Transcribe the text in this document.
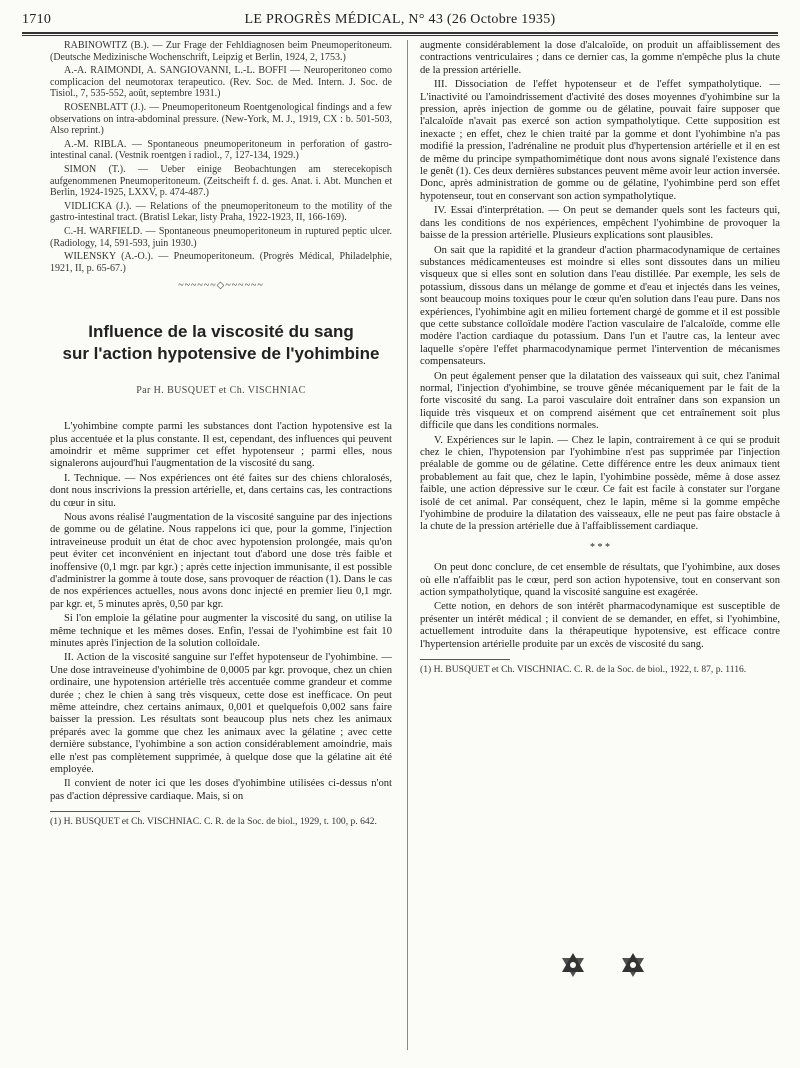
1710	LE PROGRÈS MÉDICAL, N° 43 (26 Octobre 1935)

RABINOWITZ (B.). — Zur Frage der Fehldiagnosen beim Pneumoperitoneum. (Deutsche Medizinische Wochenschrift, Leipzig et Berlin, 1924, 2, 1753.)

A.-A. RAIMONDI, A. SANGIOVANNI, L.-L. BOFFI — Neuroperitoneo como complicacion del neumotorax terapeutico. (Rev. Soc. de Med. Intern. J. Soc. de Tisiol., 7, 535-552, août, septembre 1931.)

ROSENBLATT (J.). — Pneumoperitoneum Roentgenological findings and a few observations on intra-abdominal pressure. (New-York, M. J., 1919, CX : b. 501-503, Also reprint.)

A.-M. RIBLA. — Spontaneous pneumoperitoneum in perforation of gastro-intestinal canal. (Vestnik roentgen i radiol., 7, 127-134, 1929.)

SIMON (T.). — Ueber einige Beobachtungen am sterecekopisch aufgenommenen Pneumoperitoneum. (Zeitscheift f. d. ges. Anat. i. Abt. Munchen et Berlin, 1924-1925, LXXV, p. 474-487.)

VIDLICKA (J.). — Relations of the pneumoperitoneum to the motility of the gastro-intestinal tract. (Bratisl Lekar, listy Praha, 1922-1923, II, 166-169).

C.-H. WARFIELD. — Spontaneous pneumoperitoneum in ruptured peptic ulcer. (Radiology, 14, 591-593, juin 1930.)

WILENSKY (A.-O.). — Pneumoperitoneum. (Progrès Médical, Philadelphie, 1921, II, p. 65-67.)

~~~~~~◇~~~~~~
Influence de la viscosité du sang
sur l'action hypotensive de l'yohimbine
Par H. BUSQUET et Ch. VISCHNIAC

L'yohimbine compte parmi les substances dont l'action hypotensive est la plus accentuée et la plus constante. Il est, cependant, des influences qui peuvent amoindrir et même supprimer cet effet hypotenseur ; parmi elles, nous signalerons aujourd'hui l'augmentation de la viscosité du sang.

I. Technique. — Nos expériences ont été faites sur des chiens chloralosés, dont nous inscrivions la pression artérielle, et, dans certains cas, les contractions du cœur in situ.

Nous avons réalisé l'augmentation de la viscosité sanguine par des injections de gomme ou de gélatine. Nous rappelons ici que, pour la gomme, l'injection intraveineuse produit un état de choc avec hypotension prolongée, mais qu'on peut éviter cet inconvénient en injectant tout d'abord une dose très faible et inoffensive (0,1 mgr. par kgr.) ; après cette injection immunisante, il est possible d'administrer la gomme à toute dose, sans provoquer de réaction (1). Dans le cas de nos expériences actuelles, nous avons donc injecté en premier lieu 0,1 mgr. par kgr. et, 5 minutes après, 0,50 par kgr.

Si l'on emploie la gélatine pour augmenter la viscosité du sang, on utilise la même technique et les mêmes doses. Enfin, l'essai de l'yohimbine est fait 10 minutes après l'injection de la solution colloïdale.

II. Action de la viscosité sanguine sur l'effet hypotenseur de l'yohimbine. — Une dose intraveineuse d'yohimbine de 0,0005 par kgr. provoque, chez un chien ordinaire, une hypotension artérielle très accentuée comme grandeur et comme durée ; chez le chien à sang très visqueux, cette dose est inefficace. On peut même atteindre, chez certains animaux, 0,001 et quelquefois 0,002 sans faire baisser la pression. Les résultats sont beaucoup plus nets chez les animaux préparés avec la gomme que chez les animaux avec la gélatine ; avec cette dernière substance, l'yohimbine a son action considérablement amoindrie, mais elle n'est pas complètement supprimée, à quelque dose que la gélatine ait été employée.

Il convient de noter ici que les doses d'yohimbine utilisées ci-dessus n'ont pas d'action dépressive cardiaque. Mais, si on

(1) H. BUSQUET et Ch. VISCHNIAC. C. R. de la Soc. de biol., 1929, t. 100, p. 642.

augmente considérablement la dose d'alcaloïde, on produit un affaiblissement des contractions ventriculaires ; dans ce dernier cas, la gomme n'empêche plus la chute de la pression artérielle.

III. Dissociation de l'effet hypotenseur et de l'effet sympatholytique. — L'inactivité ou l'amoindrissement d'activité des doses moyennes d'yohimbine sur la pression, après injection de gomme ou de gélatine, pouvait faire supposer que l'alcaloïde n'avait pas exercé son action sympatholytique. Cette supposition est inexacte ; en effet, chez le chien traité par la gomme et dont l'yohimbine n'a pas modifié la pression, l'adrénaline ne produit plus d'hypertension artérielle et il en est de même du principe sympathomimétique dont nous avons signalé l'existence dans le genêt (1). Ces deux dernières substances peuvent même avoir leur action inversée. Donc, après administration de gomme ou de gélatine, l'yohimbine perd son effet hypotenseur, tout en conservant son action sympatholytique.

IV. Essai d'interprétation. — On peut se demander quels sont les facteurs qui, dans les conditions de nos expériences, empêchent l'yohimbine de provoquer la baisse de la pression artérielle. Plusieurs explications sont plausibles.

On sait que la rapidité et la grandeur d'action pharmacodynamique de certaines substances médicamenteuses est moindre si elles sont dissoutes dans un milieu visqueux que si elles sont en solution dans l'eau distillée. Par exemple, les sels de potassium, dissous dans un mélange de gomme et d'eau et injectés dans les veines, sont beaucoup moins toxiques pour le cœur qu'en solution dans l'eau pure. Dans nos expériences, l'yohimbine agit en milieu fortement chargé de gomme et il est possible que cette substance colloïdale modère l'action vasculaire de l'alcaloïde, comme elle modère l'action cardiaque du potassium. Dans l'un et l'autre cas, la lenteur avec laquelle s'opère l'effet pharmacodynamique permet l'intervention de mécanismes compensateurs.

On peut également penser que la dilatation des vaisseaux qui suit, chez l'animal normal, l'injection d'yohimbine, se trouve gênée mécaniquement par le fait de la forte viscosité du sang. La paroi vasculaire doit entraîner dans son expansion un liquide très visqueux et on comprend aisément que cet entraînement soit plus difficile que dans les conditions normales.

V. Expériences sur le lapin. — Chez le lapin, contrairement à ce qui se produit chez le chien, l'hypotension par l'yohimbine n'est pas supprimée par l'injection préalable de gomme ou de gélatine. Cette différence entre les deux animaux tient probablement au fait que, chez le lapin, l'yohimbine possède, même à dose assez faible, une action dépressive sur le cœur. Ce fait est facile à constater sur l'organe isolé de cet animal. Par conséquent, chez le lapin, même si la gomme empêche l'yohimbine de produire la dilatation des vaisseaux, elle ne peut pas faire obstacle à la chute de la pression artérielle due à l'affaiblissement cardiaque.

* * *

On peut donc conclure, de cet ensemble de résultats, que l'yohimbine, aux doses où elle n'affaiblit pas le cœur, perd son action hypotensive, tout en conservant son action sympatholytique, quand la viscosité sanguine est exagérée.

Cette notion, en dehors de son intérêt pharmacodynamique est susceptible de présenter un intérêt médical ; il convient de se demander, en effet, si l'yohimbine, actuellement introduite dans la thérapeutique hypotensive, est efficace contre l'hypertension artérielle produite par un excès de viscosité du sang.

(1) H. BUSQUET et Ch. VISCHNIAC. C. R. de la Soc. de biol., 1922, t. 87, p. 1116.
